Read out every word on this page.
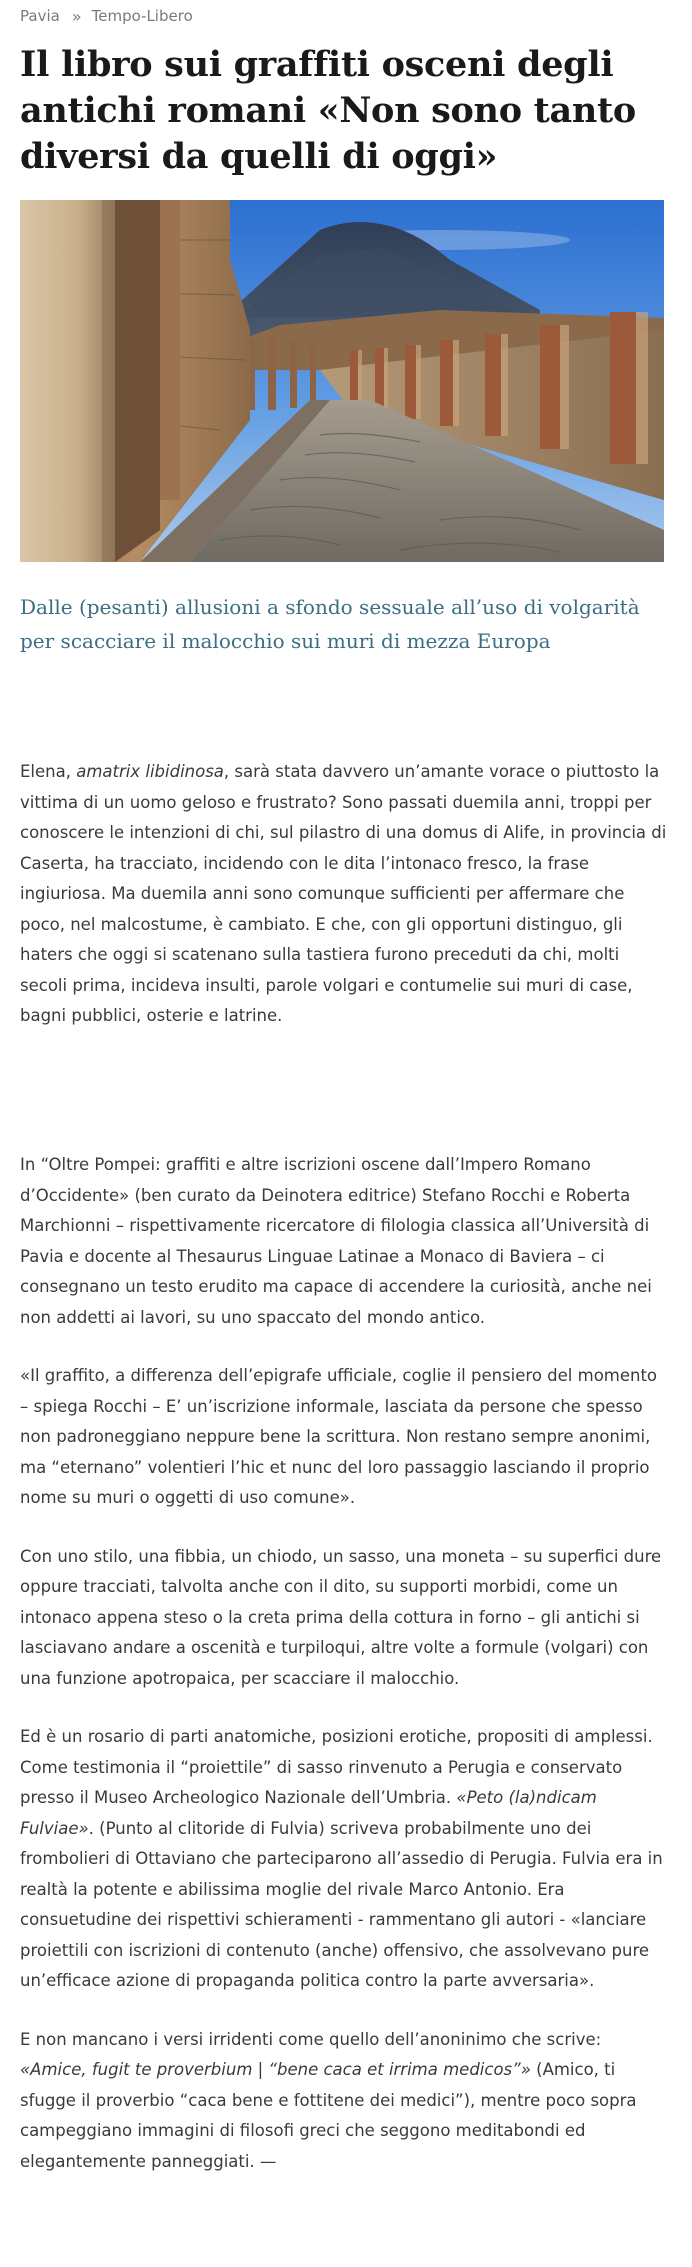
Pavia » Tempo-Libero
Il libro sui graffiti osceni degli antichi romani «Non sono tanto diversi da quelli di oggi»

Dalle (pesanti) allusioni a sfondo sessuale all’uso di volgarità per scacciare il malocchio sui muri di mezza Europa

Elena, amatrix libidinosa, sarà stata davvero un’amante vorace o piuttosto la vittima di un uomo geloso e frustrato? Sono passati duemila anni, troppi per conoscere le intenzioni di chi, sul pilastro di una domus di Alife, in provincia di Caserta, ha tracciato, incidendo con le dita l’intonaco fresco, la frase ingiuriosa. Ma duemila anni sono comunque sufficienti per affermare che poco, nel malcostume, è cambiato. E che, con gli opportuni distinguo, gli haters che oggi si scatenano sulla tastiera furono preceduti da chi, molti secoli prima, incideva insulti, parole volgari e contumelie sui muri di case, bagni pubblici, osterie e latrine.

In “Oltre Pompei: graffiti e altre iscrizioni oscene dall’Impero Romano d’Occidente» (ben curato da Deinotera editrice) Stefano Rocchi e Roberta Marchionni – rispettivamente ricercatore di filologia classica all’Università di Pavia e docente al Thesaurus Linguae Latinae a Monaco di Baviera – ci consegnano un testo erudito ma capace di accendere la curiosità, anche nei non addetti ai lavori, su uno spaccato del mondo antico.

«Il graffito, a differenza dell’epigrafe ufficiale, coglie il pensiero del momento – spiega Rocchi – E’ un’iscrizione informale, lasciata da persone che spesso non padroneggiano neppure bene la scrittura. Non restano sempre anonimi, ma “eternano” volentieri l’hic et nunc del loro passaggio lasciando il proprio nome su muri o oggetti di uso comune».

Con uno stilo, una fibbia, un chiodo, un sasso, una moneta – su superfici dure oppure tracciati, talvolta anche con il dito, su supporti morbidi, come un intonaco appena steso o la creta prima della cottura in forno – gli antichi si lasciavano andare a oscenità e turpiloqui, altre volte a formule (volgari) con una funzione apotropaica, per scacciare il malocchio.

Ed è un rosario di parti anatomiche, posizioni erotiche, propositi di amplessi. Come testimonia il “proiettile” di sasso rinvenuto a Perugia e conservato presso il Museo Archeologico Nazionale dell’Umbria. «Peto (la)ndicam Fulviae». (Punto al clitoride di Fulvia) scriveva probabilmente uno dei frombolieri di Ottaviano che parteciparono all’assedio di Perugia. Fulvia era in realtà la potente e abilissima moglie del rivale Marco Antonio. Era consuetudine dei rispettivi schieramenti - rammentano gli autori - «lanciare proiettili con iscrizioni di contenuto (anche) offensivo, che assolvevano pure un’efficace azione di propaganda politica contro la parte avversaria».

E non mancano i versi irridenti come quello dell’anoninimo che scrive: «Amice, fugit te proverbium | “bene caca et irrima medicos”» (Amico, ti sfugge il proverbio “caca bene e fottitene dei medici”), mentre poco sopra campeggiano immagini di filosofi greci che seggono meditabondi ed elegantemente panneggiati. —
